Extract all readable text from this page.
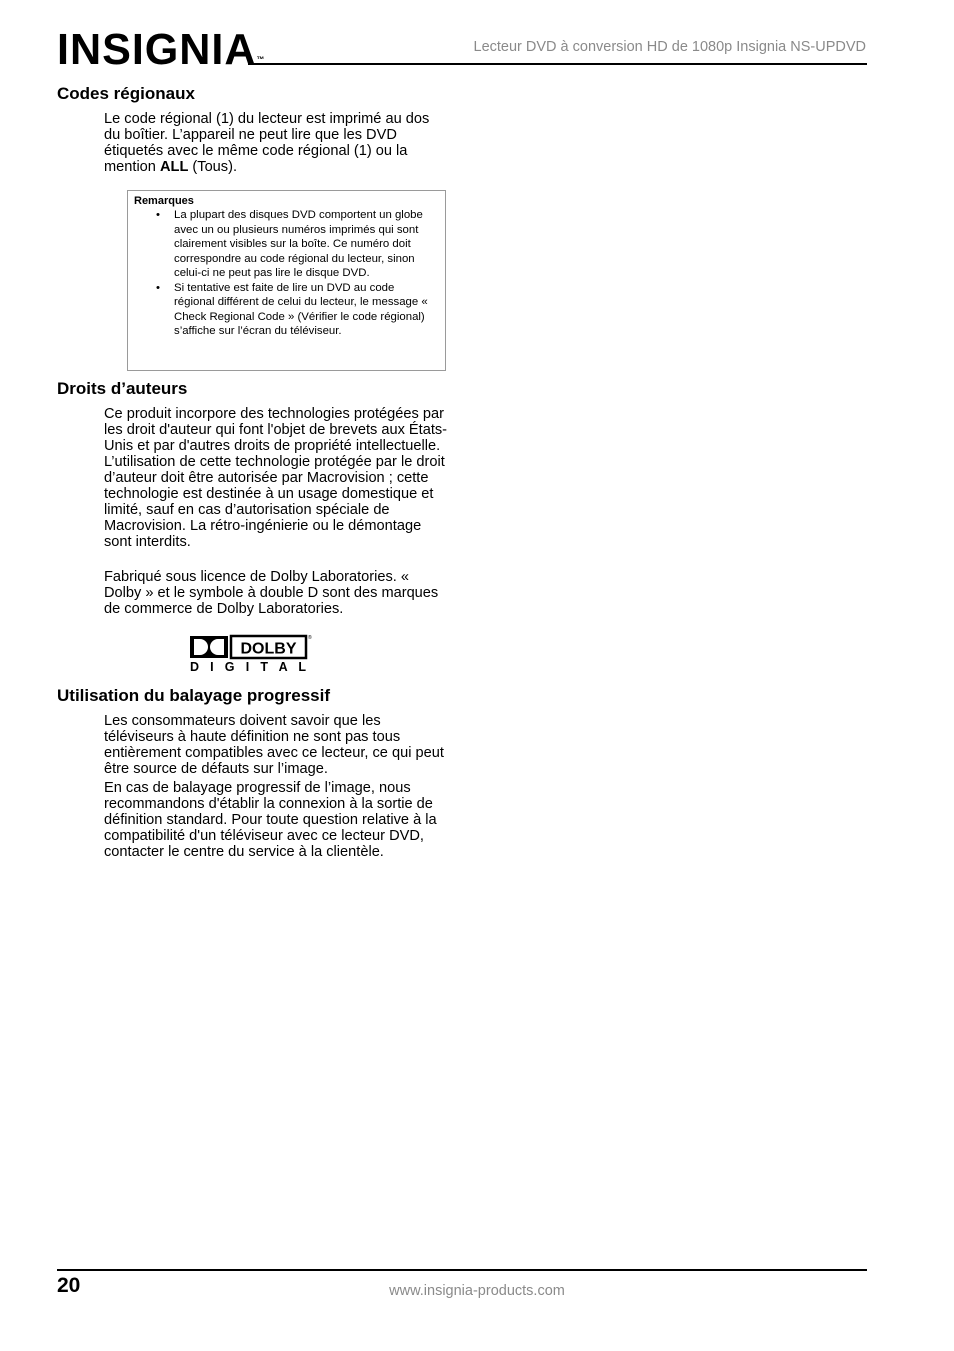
INSIGNIA™
Lecteur DVD à conversion HD de 1080p Insignia NS-UPDVD
Codes régionaux

Le code régional (1) du lecteur est imprimé au dos du boîtier. L’appareil ne peut lire que les DVD étiquetés avec le même code régional (1) ou la mention ALL (Tous).

Remarques
• La plupart des disques DVD comportent un globe avec un ou plusieurs numéros imprimés qui sont clairement visibles sur la boîte. Ce numéro doit correspondre au code régional du lecteur, sinon celui-ci ne peut pas lire le disque DVD.
• Si tentative est faite de lire un DVD au code régional différent de celui du lecteur, le message « Check Regional Code » (Vérifier le code régional) s’affiche sur l’écran du téléviseur.
Droits d’auteurs

Ce produit incorpore des technologies protégées par les droit d'auteur qui font l'objet de brevets aux États-Unis et par d'autres droits de propriété intellectuelle. L’utilisation de cette technologie protégée par le droit d’auteur doit être autorisée par Macrovision ; cette technologie est destinée à un usage domestique et limité, sauf en cas d’autorisation spéciale de Macrovision. La rétro-ingénierie ou le démontage sont interdits.

Fabriqué sous licence de Dolby Laboratories. « Dolby » et le symbole à double D sont des marques de commerce de Dolby Laboratories.

DOLBY
®
D I G I T A L
Utilisation du balayage progressif

Les consommateurs doivent savoir que les téléviseurs à haute définition ne sont pas tous entièrement compatibles avec ce lecteur, ce qui peut être source de défauts sur l’image.

En cas de balayage progressif de l’image, nous recommandons d'établir la connexion à la sortie de définition standard. Pour toute question relative à la compatibilité d'un téléviseur avec ce lecteur DVD, contacter le centre du service à la clientèle.

20	www.insignia-products.com
